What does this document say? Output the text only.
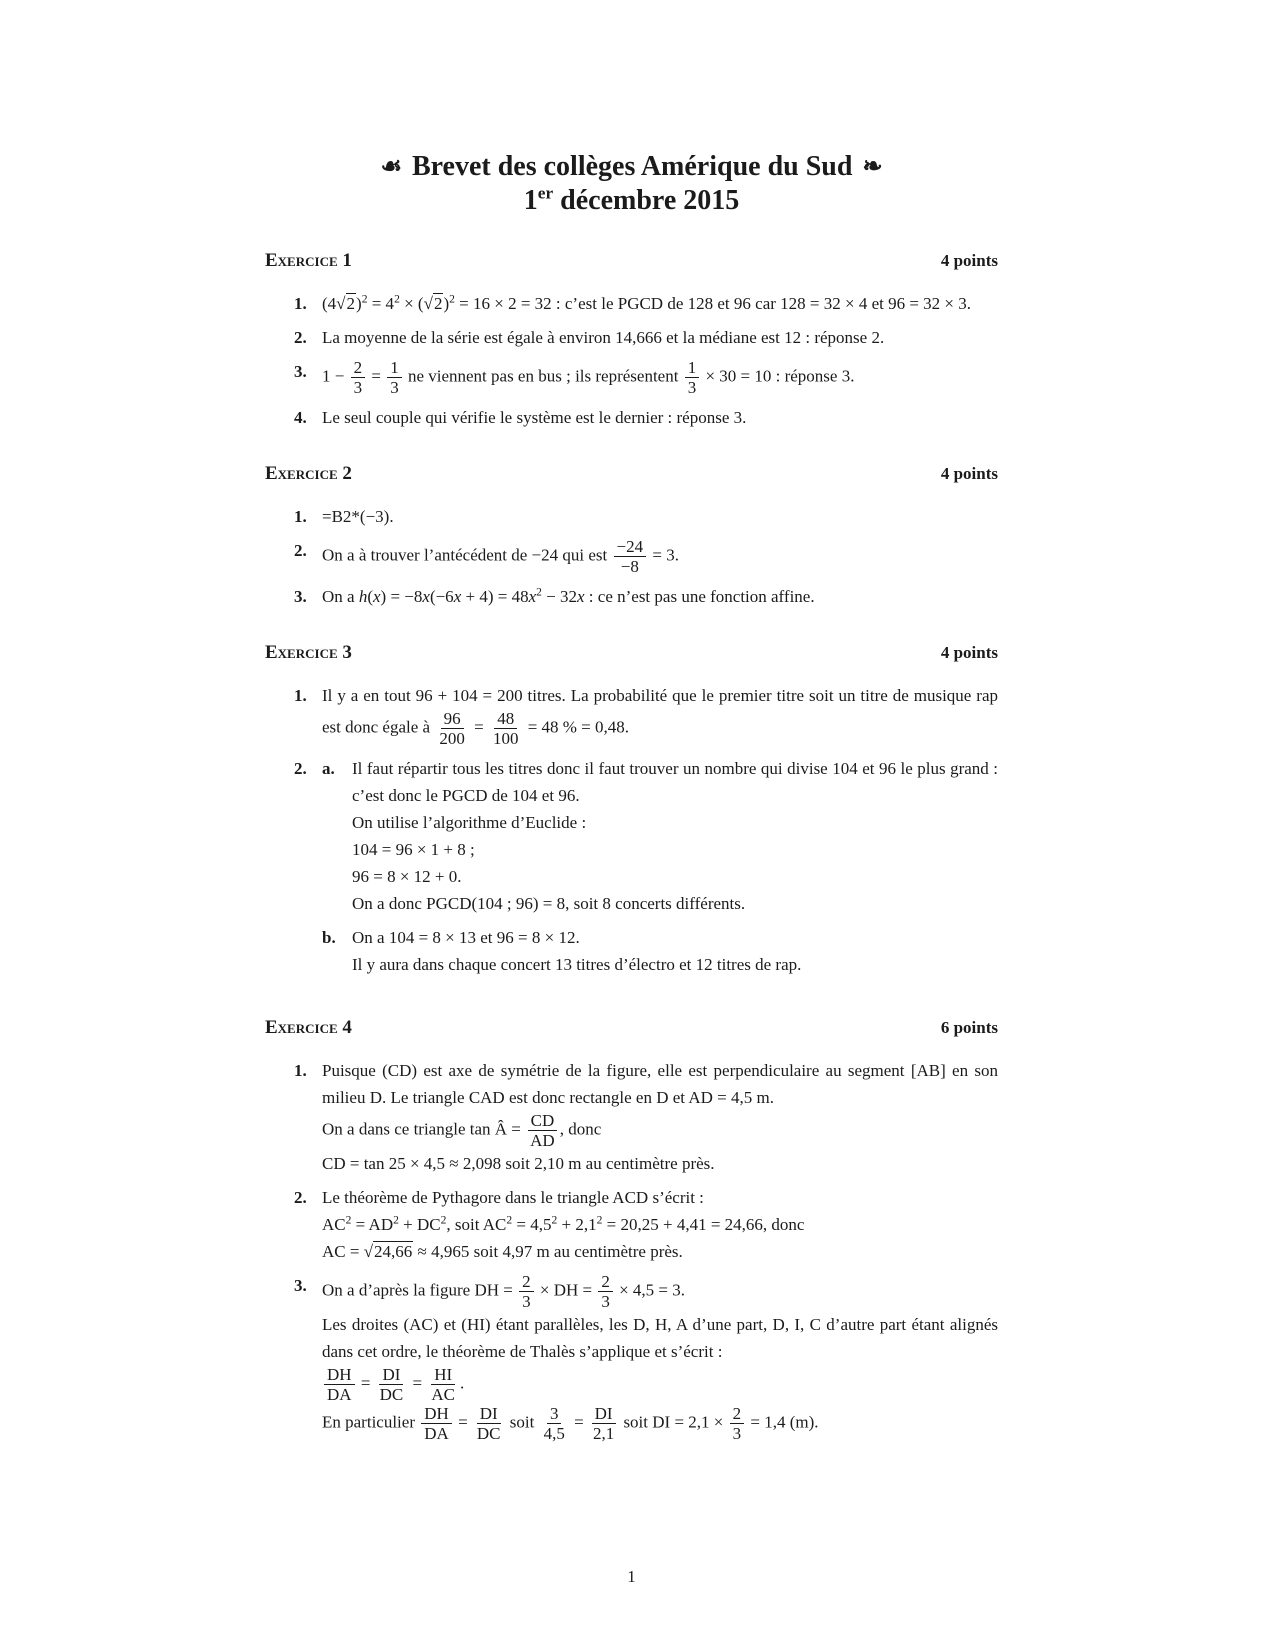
☙ Brevet des collèges Amérique du Sud ❧
1er décembre 2015
Exercice 1	4 points
1. $(4√2)^2 = 4^2 \times (√2)^2 = 16 \times 2 = 32$ : c’est le PGCD de 128 et 96 car 128 = 32 × 4 et 96 = 32 × 3.
2. La moyenne de la série est égale à environ 14,666 et la médiane est 12 : réponse 2.
3. $1 - \frac{2}{3} = \frac{1}{3}$ ne viennent pas en bus ; ils représentent $\frac{1}{3} \times 30 = 10$ : réponse 3.
4. Le seul couple qui vérifie le système est le dernier : réponse 3.
Exercice 2	4 points
1. =B2*(−3).
2. On a à trouver l’antécédent de −24 qui est $\frac{-24}{-8} = 3$.
3. On a $h(x) = -8x(-6x + 4) = 48x^2 - 32x$ : ce n’est pas une fonction affine.
Exercice 3	4 points
1. Il y a en tout 96 + 104 = 200 titres. La probabilité que le premier titre soit un titre de musique rap est donc égale à $\frac{96}{200} = \frac{48}{100} = 48$ % = 0,48.
2. a.	Il faut répartir tous les titres donc il faut trouver un nombre qui divise 104 et 96 le plus grand : c’est donc le PGCD de 104 et 96.
On utilise l’algorithme d’Euclide :
104 = 96 × 1 + 8 ;
96 = 8 × 12 + 0.
On a donc PGCD(104 ; 96) = 8, soit 8 concerts différents.
b. On a 104 = 8 × 13 et 96 = 8 × 12.
Il y aura dans chaque concert 13 titres d’électro et 12 titres de rap.
Exercice 4	6 points
1. Puisque (CD) est axe de symétrie de la figure, elle est perpendiculaire au segment [AB] en son milieu D. Le triangle CAD est donc rectangle en D et AD = 4,5 m.
On a dans ce triangle tan Â = $\frac{CD}{AD}$ , donc
CD = tan 25 × 4,5 ≈ 2,098 soit 2,10 m au centimètre près.
2. Le théorème de Pythagore dans le triangle ACD s’écrit :
$AC^2 = AD^2 + DC^2$, soit $AC^2 = 4,5^2 + 2,1^2 = 20,25 + 4,41 = 24,66$, donc
AC = √24,66 ≈ 4,965 soit 4,97 m au centimètre près.
3. On a d’après la figure DH = $\frac{2}{3}$ × DH = $\frac{2}{3} \times 4,5 = 3$.
Les droites (AC) et (HI) étant parallèles, les D, H, A d’une part, D, I, C d’autre part étant alignés dans cet ordre, le théorème de Thalès s’applique et s’écrit :
$\frac{DH}{DA} = \frac{DI}{DC} = \frac{HI}{AC}$ .
En particulier $\frac{DH}{DA} = \frac{DI}{DC}$ soit $\frac{3}{4,5} = \frac{DI}{2,1}$ soit DI = $2,1 \times \frac{2}{3} = 1,4$ (m).
1
